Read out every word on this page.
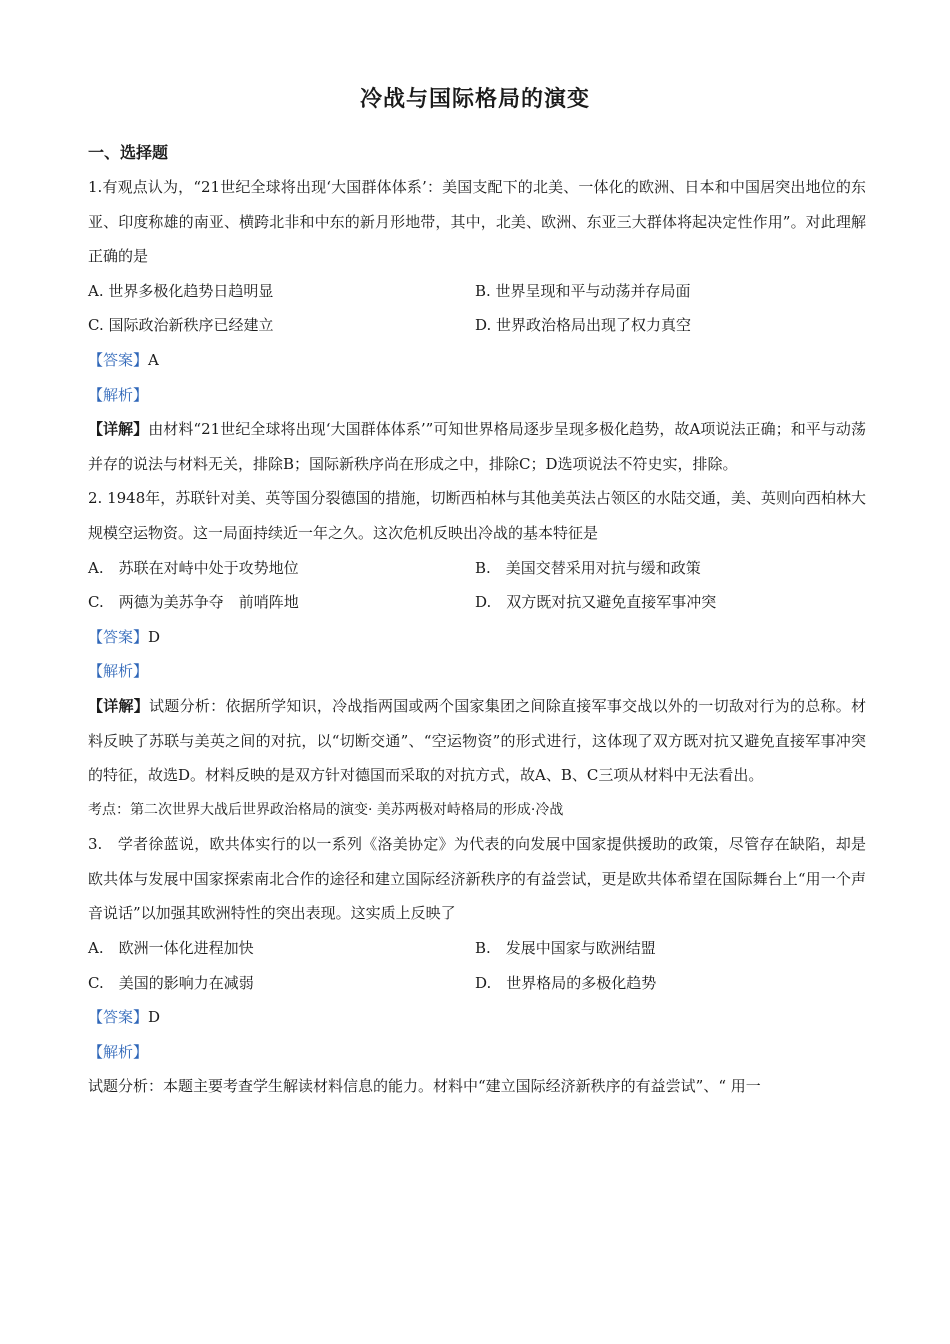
冷战与国际格局的演变
一、选择题

1.有观点认为，“21世纪全球将出现‘大国群体体系’：美国支配下的北美、一体化的欧洲、日本和中国居突出地位的东亚、印度称雄的南亚、横跨北非和中东的新月形地带，其中，北美、欧洲、东亚三大群体将起决定性作用”。对此理解正确的是

A. 世界多极化趋势日趋明显	B. 世界呈现和平与动荡并存局面
C. 国际政治新秩序已经建立	D. 世界政治格局出现了权力真空

【答案】A

【解析】

【详解】由材料“21世纪全球将出现‘大国群体体系’”可知世界格局逐步呈现多极化趋势，故A项说法正确；和平与动荡并存的说法与材料无关，排除B；国际新秩序尚在形成之中，排除C；D选项说法不符史实，排除。

2. 1948年，苏联针对美、英等国分裂德国的措施，切断西柏林与其他美英法占领区的水陆交通，美、英则向西柏林大规模空运物资。这一局面持续近一年之久。这次危机反映出冷战的基本特征是

A.　苏联在对峙中处于攻势地位	B.　美国交替采用对抗与缓和政策
C.　两德为美苏争夺　前哨阵地	D.　双方既对抗又避免直接军事冲突

【答案】D

【解析】

【详解】试题分析：依据所学知识，冷战指两国或两个国家集团之间除直接军事交战以外的一切敌对行为的总称。材料反映了苏联与美英之间的对抗，以“切断交通”、“空运物资”的形式进行，这体现了双方既对抗又避免直接军事冲突的特征，故选D。材料反映的是双方针对德国而采取的对抗方式，故A、B、C三项从材料中无法看出。

考点：第二次世界大战后世界政治格局的演变· 美苏两极对峙格局的形成·冷战

3.　学者徐蓝说，欧共体实行的以一系列《洛美协定》为代表的向发展中国家提供援助的政策，尽管存在缺陷，却是欧共体与发展中国家探索南北合作的途径和建立国际经济新秩序的有益尝试，更是欧共体希望在国际舞台上“用一个声音说话”以加强其欧洲特性的突出表现。这实质上反映了

A.　欧洲一体化进程加快	B.　发展中国家与欧洲结盟
C.　美国的影响力在减弱	D.　世界格局的多极化趋势

【答案】D

【解析】

试题分析：本题主要考查学生解读材料信息的能力。材料中“建立国际经济新秩序的有益尝试”、“ 用一
